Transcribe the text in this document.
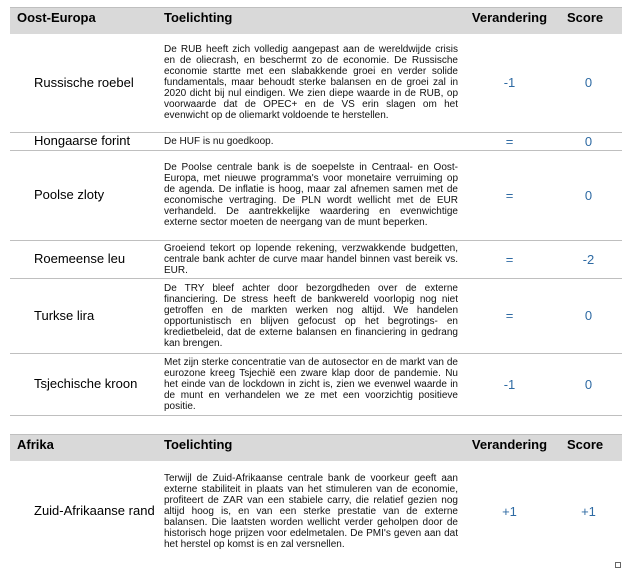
Oost-Europa	Toelichting	Verandering	Score
Russische roebel	De RUB heeft zich volledig aangepast aan de wereldwijde crisis en de oliecrash, en beschermt zo de economie. De Russische economie startte met een slabakkende groei en verder solide fundamentals, maar behoudt sterke balansen en de groei zal in 2020 dicht bij nul eindigen. We zien diepe waarde in de RUB, op voorwaarde dat de OPEC+ en de VS erin slagen om het evenwicht op de oliemarkt voldoende te herstellen.	-1	0
Hongaarse forint	De HUF is nu goedkoop.	=	0
Poolse zloty	De Poolse centrale bank is de soepelste in Centraal- en Oost-Europa, met nieuwe programma's voor monetaire verruiming op de agenda. De inflatie is hoog, maar zal afnemen samen met de economische vertraging. De PLN wordt wellicht met de EUR verhandeld. De aantrekkelijke waardering en evenwichtige externe sector moeten de neergang van de munt beperken.	=	0
Roemeense leu	Groeiend tekort op lopende rekening, verzwakkende budgetten, centrale bank achter de curve maar handel binnen vast bereik vs. EUR.	=	-2
Turkse lira	De TRY bleef achter door bezorgdheden over de externe financiering. De stress heeft de bankwereld voorlopig nog niet getroffen en de markten werken nog altijd. We handelen opportunistisch en blijven gefocust op het begrotings- en kredietbeleid, dat de externe balansen en financiering in gedrang kan brengen.	=	0
Tsjechische kroon	Met zijn sterke concentratie van de autosector en de markt van de eurozone kreeg Tsjechië een zware klap door de pandemie. Nu het einde van de lockdown in zicht is, zien we evenwel waarde in de munt en verhandelen we ze met een voorzichtig positieve positie.	-1	0
Afrika	Toelichting	Verandering	Score
Zuid-Afrikaanse rand	Terwijl de Zuid-Afrikaanse centrale bank de voorkeur geeft aan externe stabiliteit in plaats van het stimuleren van de economie, profiteert de ZAR van een stabiele carry, die relatief gezien nog altijd hoog is, en van een sterke prestatie van de externe balansen. Die laatsten worden wellicht verder geholpen door de historisch hoge prijzen voor edelmetalen. De PMI's geven aan dat het herstel op komst is en zal versnellen.	+1	+1
